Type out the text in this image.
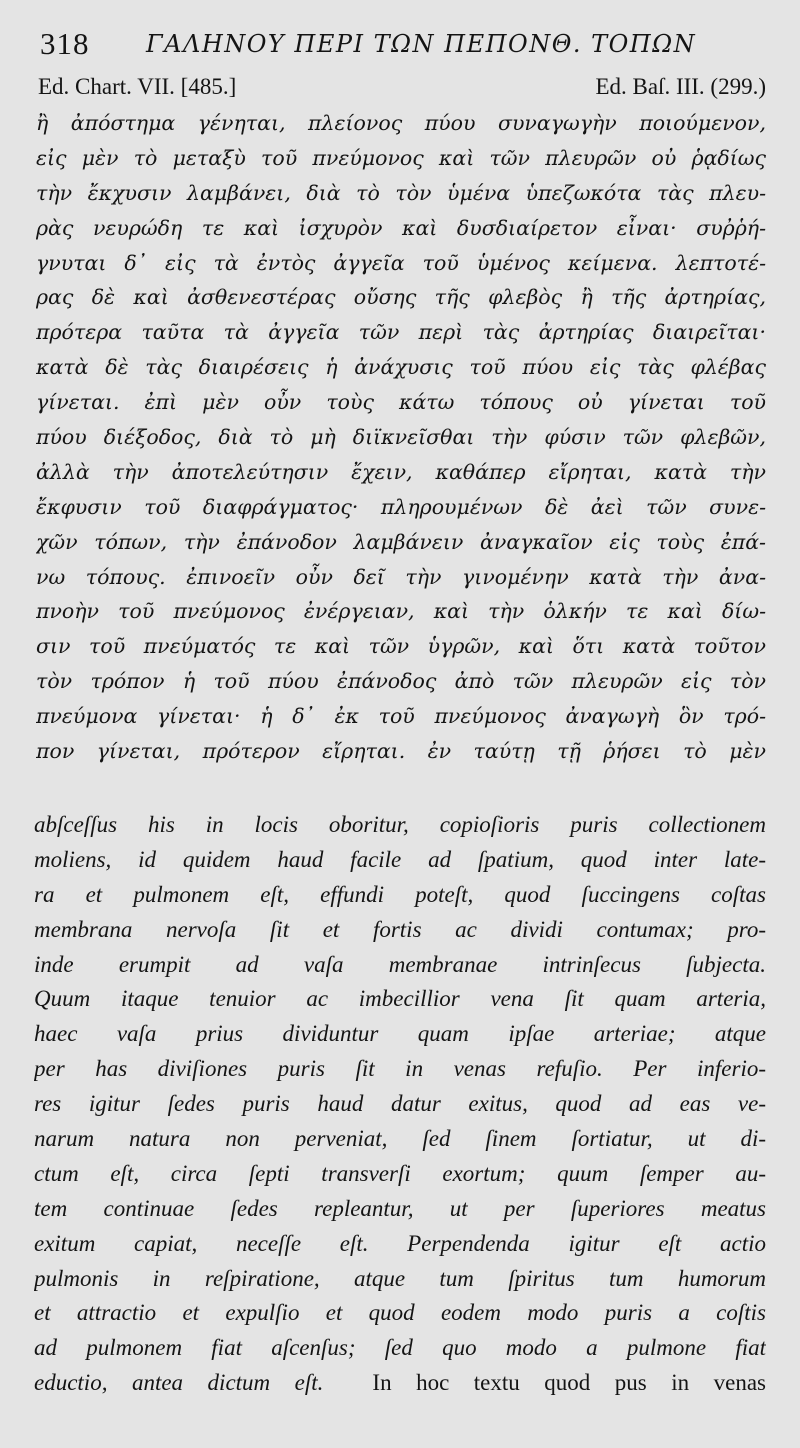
318 ΓΑΛΗΝΟΥ ΠΕΡΙ ΤΩΝ ΠΕΠΟΝΘ. ΤΟΠΩΝ
Ed. Chart. VII. [485.]	Ed. Baſ. III. (299.)
ἢ ἀπόστημα γένηται, πλείονος πύου συναγωγὴν ποιούμενον,
εἰς μὲν τὸ μεταξὺ τοῦ πνεύμονος καὶ τῶν πλευρῶν οὐ ῥᾳδίως
τὴν ἔκχυσιν λαμβάνει, διὰ τὸ τὸν ὑμένα ὑπεζωκότα τὰς πλευ-
ρὰς νευρώδη τε καὶ ἰσχυρὸν καὶ δυσδιαίρετον εἶναι· συῤῥή-
γνυται δ᾽ εἰς τὰ ἐντὸς ἀγγεῖα τοῦ ὑμένος κείμενα. λεπτοτέ-
ρας δὲ καὶ ἀσθενεστέρας οὔσης τῆς φλεβὸς ἢ τῆς ἀρτηρίας,
πρότερα ταῦτα τὰ ἀγγεῖα τῶν περὶ τὰς ἀρτηρίας διαιρεῖται·
κατὰ δὲ τὰς διαιρέσεις ἡ ἀνάχυσις τοῦ πύου εἰς τὰς φλέβας
γίνεται. ἐπὶ μὲν οὖν τοὺς κάτω τόπους οὐ γίνεται τοῦ
πύου διέξοδος, διὰ τὸ μὴ διϊκνεῖσθαι τὴν φύσιν τῶν φλεβῶν,
ἀλλὰ τὴν ἀποτελεύτησιν ἔχειν, καθάπερ εἴρηται, κατὰ τὴν
ἔκφυσιν τοῦ διαφράγματος· πληρουμένων δὲ ἀεὶ τῶν συνε-
χῶν τόπων, τὴν ἐπάνοδον λαμβάνειν ἀναγκαῖον εἰς τοὺς ἐπά-
νω τόπους. ἐπινοεῖν οὖν δεῖ τὴν γινομένην κατὰ τὴν ἀνα-
πνοὴν τοῦ πνεύμονος ἐνέργειαν, καὶ τὴν ὁλκήν τε καὶ δίω-
σιν τοῦ πνεύματός τε καὶ τῶν ὑγρῶν, καὶ ὅτι κατὰ τοῦτον
τὸν τρόπον ἡ τοῦ πύου ἐπάνοδος ἀπὸ τῶν πλευρῶν εἰς τὸν
πνεύμονα γίνεται· ἡ δ᾽ ἐκ τοῦ πνεύμονος ἀναγωγὴ ὃν τρό-
πον γίνεται, πρότερον εἴρηται. ἐν ταύτῃ τῇ ῥήσει τὸ μὲν
abſceſſus his in locis oboritur, copioſioris puris collectionem
moliens, id quidem haud facile ad ſpatium, quod inter late-
ra et pulmonem eſt, effundi poteſt, quod ſuccingens coſtas
membrana nervoſa ſit et fortis ac dividi contumax; pro-
inde erumpit ad vaſa membranae intrinſecus ſubjecta.
Quum itaque tenuior ac imbecillior vena ſit quam arteria,
haec vaſa prius dividuntur quam ipſae arteriae; atque
per has diviſiones puris ſit in venas refuſio. Per inferio-
res igitur ſedes puris haud datur exitus, quod ad eas ve-
narum natura non perveniat, ſed ſinem ſortiatur, ut di-
ctum eſt, circa ſepti transverſi exortum; quum ſemper au-
tem continuae ſedes repleantur, ut per ſuperiores meatus
exitum capiat, neceſſe eſt. Perpendenda igitur eſt actio
pulmonis in reſpiratione, atque tum ſpiritus tum humorum
et attractio et expulſio et quod eodem modo puris a coſtis
ad pulmonem fiat aſcenſus; ſed quo modo a pulmone fiat
eductio, antea dictum eſt. In hoc textu quod pus in venas
